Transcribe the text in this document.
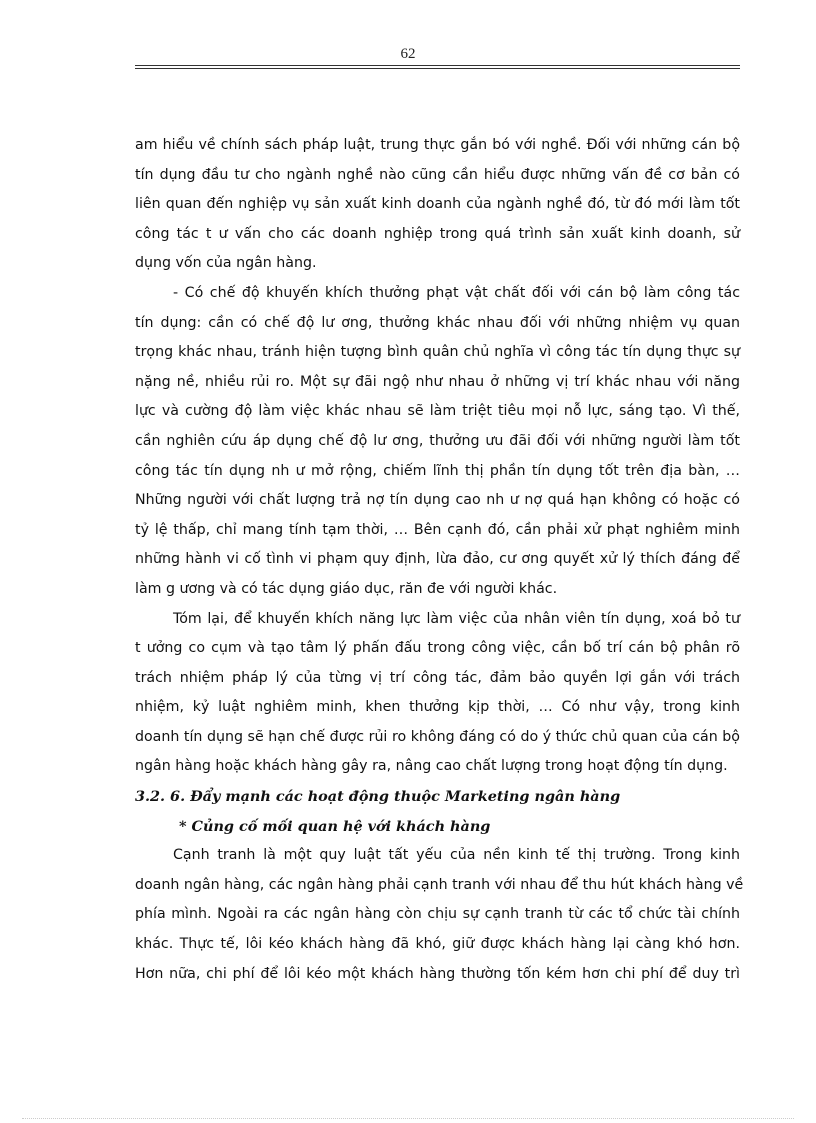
62
am hiểu về chính sách pháp luật, trung thực gắn bó với nghề. Đối với những cán bộ
tín dụng đầu tư cho ngành nghề nào cũng cần hiểu được những vấn đề cơ bản có
liên quan đến nghiệp vụ sản xuất kinh doanh của ngành nghề đó, từ đó mới làm tốt
công tác t ư vấn cho các doanh nghiệp trong quá trình sản xuất kinh doanh, sử
dụng vốn của ngân hàng.
- Có chế độ khuyến khích thưởng phạt vật chất đối với cán bộ làm công tác
tín dụng: cần có chế độ lư ơng, thưởng khác nhau đối với những nhiệm vụ quan
trọng khác nhau, tránh hiện tượng bình quân chủ nghĩa vì công tác tín dụng thực sự
nặng nề, nhiều rủi ro. Một sự đãi ngộ như nhau ở những vị trí khác nhau với năng
lực và cường độ làm việc khác nhau sẽ làm triệt tiêu mọi nỗ lực, sáng tạo. Vì thế,
cần nghiên cứu áp dụng chế độ lư ơng, thưởng ưu đãi đối với những người làm tốt
công tác tín dụng nh ư mở rộng, chiếm lĩnh thị phần tín dụng tốt trên địa bàn, …
Những người với chất lượng trả nợ tín dụng cao nh ư nợ quá hạn không có hoặc có
tỷ lệ thấp, chỉ mang tính tạm thời, … Bên cạnh đó, cần phải xử phạt nghiêm minh
những hành vi cố tình vi phạm quy định, lừa đảo, cư ơng quyết xử lý thích đáng để
làm g ương và có tác dụng giáo dục, răn đe với người khác.
Tóm lại, để khuyến khích năng lực làm việc của nhân viên tín dụng, xoá bỏ tư
t ưởng co cụm và tạo tâm lý phấn đấu trong công việc, cần bố trí cán bộ phân rõ
trách nhiệm pháp lý của từng vị trí công tác, đảm bảo quyền lợi gắn với trách
nhiệm, kỷ luật nghiêm minh, khen thưởng kịp thời, … Có như vậy, trong kinh
doanh tín dụng sẽ hạn chế được rủi ro không đáng có do ý thức chủ quan của cán bộ
ngân hàng hoặc khách hàng gây ra, nâng cao chất lượng trong hoạt động tín dụng.
3.2. 6. Đẩy mạnh các hoạt động thuộc Marketing ngân hàng
* Củng cố mối quan hệ với khách hàng
Cạnh tranh là một quy luật tất yếu của nền kinh tế thị trường. Trong kinh
doanh ngân hàng, các ngân hàng phải cạnh tranh với nhau để thu hút khách hàng về
phía mình. Ngoài ra các ngân hàng còn chịu sự cạnh tranh từ các tổ chức tài chính
khác. Thực tế, lôi kéo khách hàng đã khó, giữ được khách hàng lại càng khó hơn.
Hơn nữa, chi phí để lôi kéo một khách hàng thường tốn kém hơn chi phí để duy trì
